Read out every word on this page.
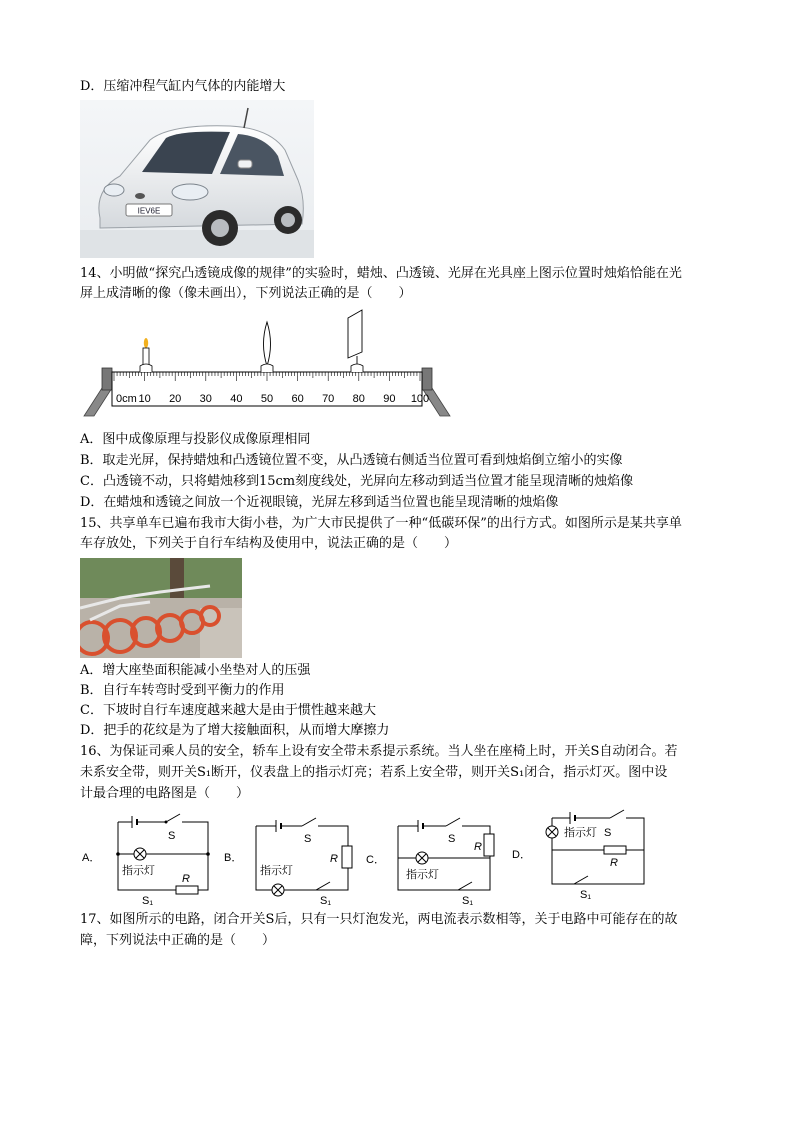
D．压缩冲程气缸内气体的内能增大
IEV6E
14、小明做“探究凸透镜成像的规律”的实验时，蜡烛、凸透镜、光屏在光具座上图示位置时烛焰恰能在光
屏上成清晰的像（像未画出），下列说法正确的是（　　）
0cm 10 20 30 40 50 60 70 80 90 100
A．图中成像原理与投影仪成像原理相同
B．取走光屏，保持蜡烛和凸透镜位置不变，从凸透镜右侧适当位置可看到烛焰倒立缩小的实像
C．凸透镜不动，只将蜡烛移到15cm刻度线处，光屏向左移动到适当位置才能呈现清晰的烛焰像
D．在蜡烛和透镜之间放一个近视眼镜，光屏左移到适当位置也能呈现清晰的烛焰像
15、共享单车已遍布我市大街小巷，为广大市民提供了一种“低碳环保”的出行方式。如图所示是某共享单
车存放处，下列关于自行车结构及使用中，说法正确的是（　　）
A．增大座垫面积能减小坐垫对人的压强
B．自行车转弯时受到平衡力的作用
C．下坡时自行车速度越来越大是由于惯性越来越大
D．把手的花纹是为了增大接触面积，从而增大摩擦力
16、为保证司乘人员的安全，轿车上设有安全带未系提示系统。当人坐在座椅上时，开关S自动闭合。若
未系安全带，则开关S₁断开，仪表盘上的指示灯亮；若系上安全带，则开关S₁闭合，指示灯灭。图中设
计最合理的电路图是（　　）
A．
S
指示灯
R
S₁
B．
S
R
指示灯
S₁
C．
S
R
指示灯
S₁
D．
S
指示灯
R
S₁
17、如图所示的电路，闭合开关S后，只有一只灯泡发光，两电流表示数相等，关于电路中可能存在的故
障，下列说法中正确的是（　　）
